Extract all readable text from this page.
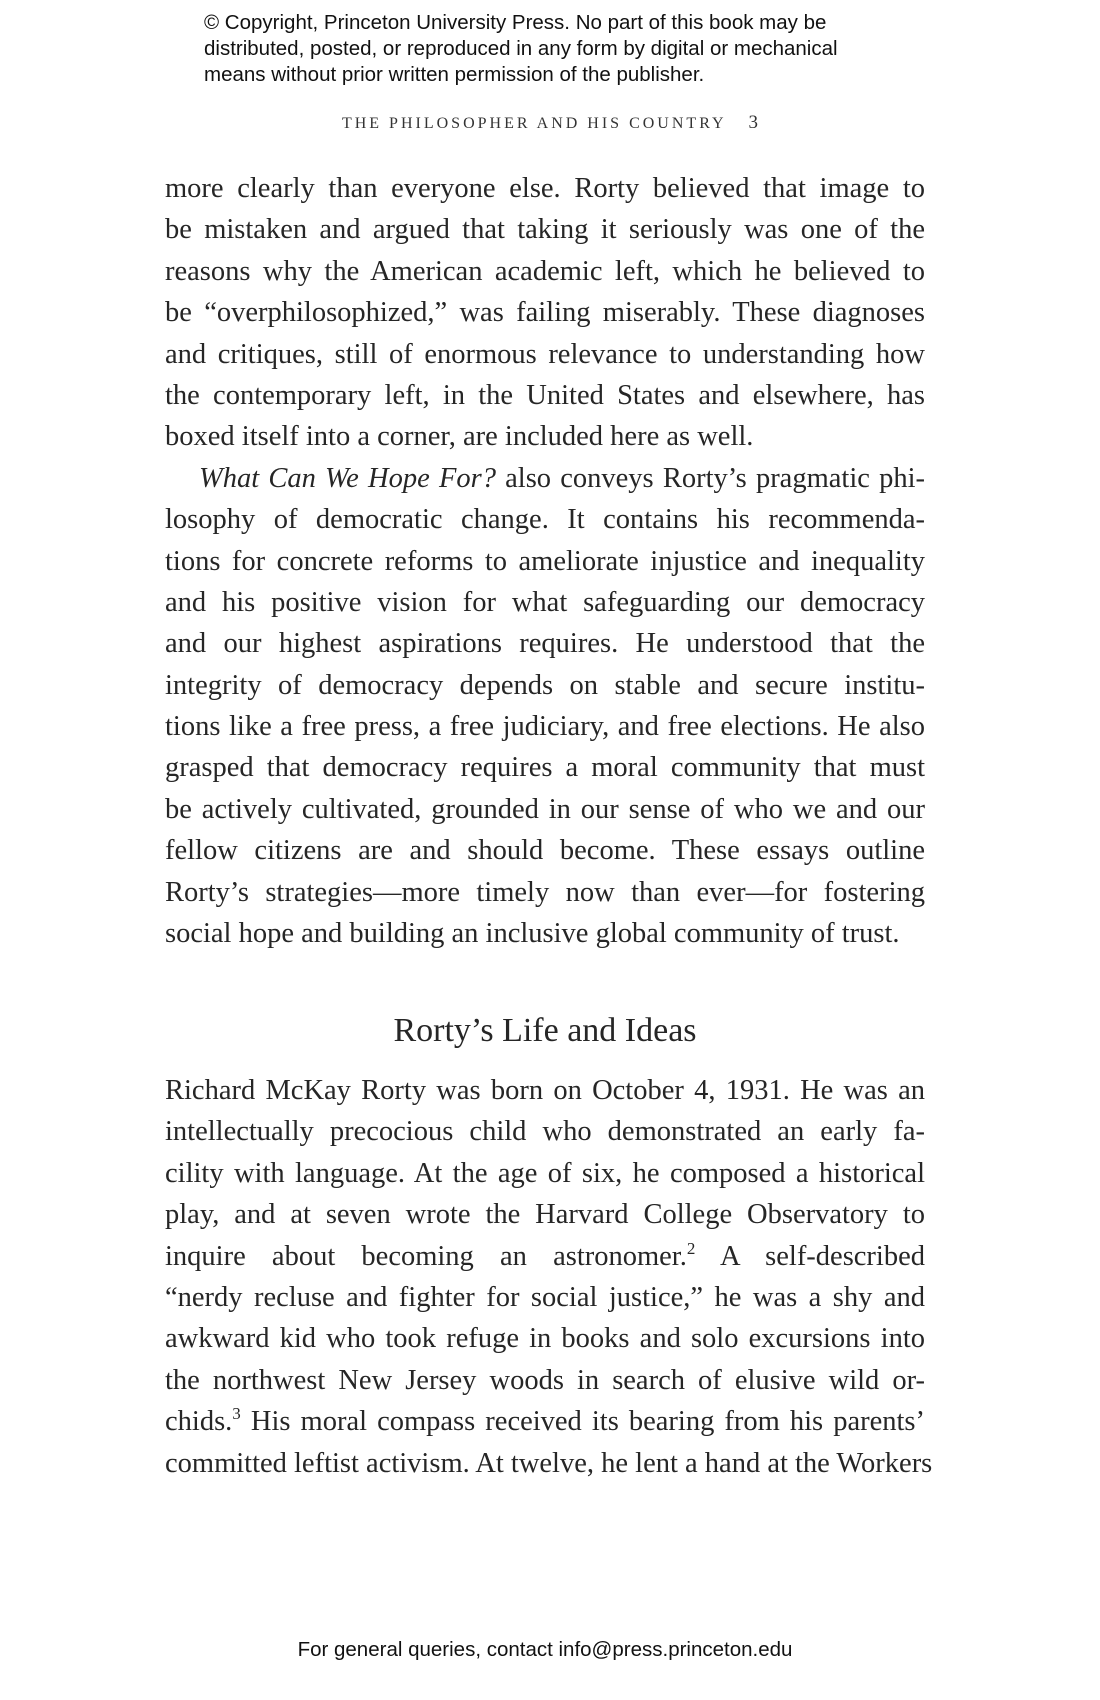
© Copyright, Princeton University Press. No part of this book may be
distributed, posted, or reproduced in any form by digital or mechanical
means without prior written permission of the publisher.
THE PHILOSOPHER AND HIS COUNTRY 3
more clearly than everyone else. Rorty believed that image to
be mistaken and argued that taking it seriously was one of the
reasons why the American academic left, which he believed to
be “overphilosophized,” was failing miserably. These diagnoses
and critiques, still of enormous relevance to understanding how
the contemporary left, in the United States and elsewhere, has
boxed itself into a corner, are included here as well.
What Can We Hope For? also conveys Rorty’s pragmatic phi-
losophy of democratic change. It contains his recommenda-
tions for concrete reforms to ameliorate injustice and inequality
and his positive vision for what safeguarding our democracy
and our highest aspirations requires. He understood that the
integrity of democracy depends on stable and secure institu-
tions like a free press, a free judiciary, and free elections. He also
grasped that democracy requires a moral community that must
be actively cultivated, grounded in our sense of who we and our
fellow citizens are and should become. These essays outline
Rorty’s strategies—more timely now than ever—for fostering
social hope and building an inclusive global community of trust.
Rorty’s Life and Ideas
Richard McKay Rorty was born on October 4, 1931. He was an
intellectually precocious child who demonstrated an early fa-
cility with language. At the age of six, he composed a historical
play, and at seven wrote the Harvard College Observatory to
inquire about becoming an astronomer.$^2$ A self-described
“nerdy recluse and fighter for social justice,” he was a shy and
awkward kid who took refuge in books and solo excursions into
the northwest New Jersey woods in search of elusive wild or-
chids.$^3$ His moral compass received its bearing from his parents’
committed leftist activism. At twelve, he lent a hand at the Workers
For general queries, contact info@press.princeton.edu
